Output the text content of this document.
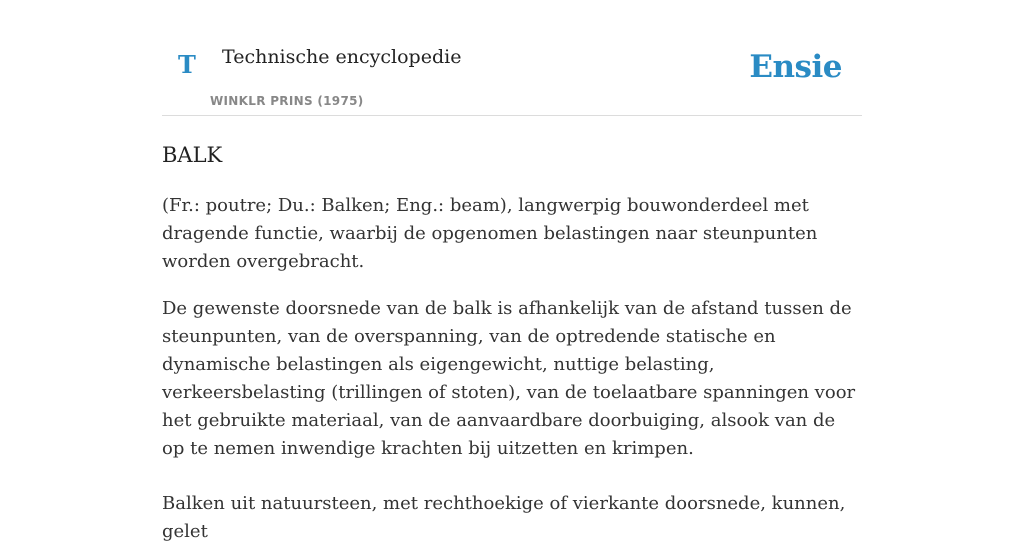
T Technische encyclopedie
WINKLR PRINS (1975)
Ensie
BALK

(Fr.: poutre; Du.: Balken; Eng.: beam), langwerpig bouwonderdeel met dragende functie, waarbij de opgenomen belastingen naar steunpunten worden overgebracht.

De gewenste doorsnede van de balk is afhankelijk van de afstand tussen de steunpunten, van de overspanning, van de optredende statische en dynamische belastingen als eigengewicht, nuttige belasting, verkeersbelasting (trillingen of stoten), van de toelaatbare spanningen voor het gebruikte materiaal, van de aanvaardbare doorbuiging, alsook van de op te nemen inwendige krachten bij uitzetten en krimpen.

Balken uit natuursteen, met rechthoekige of vierkante doorsnede, kunnen, gelet
